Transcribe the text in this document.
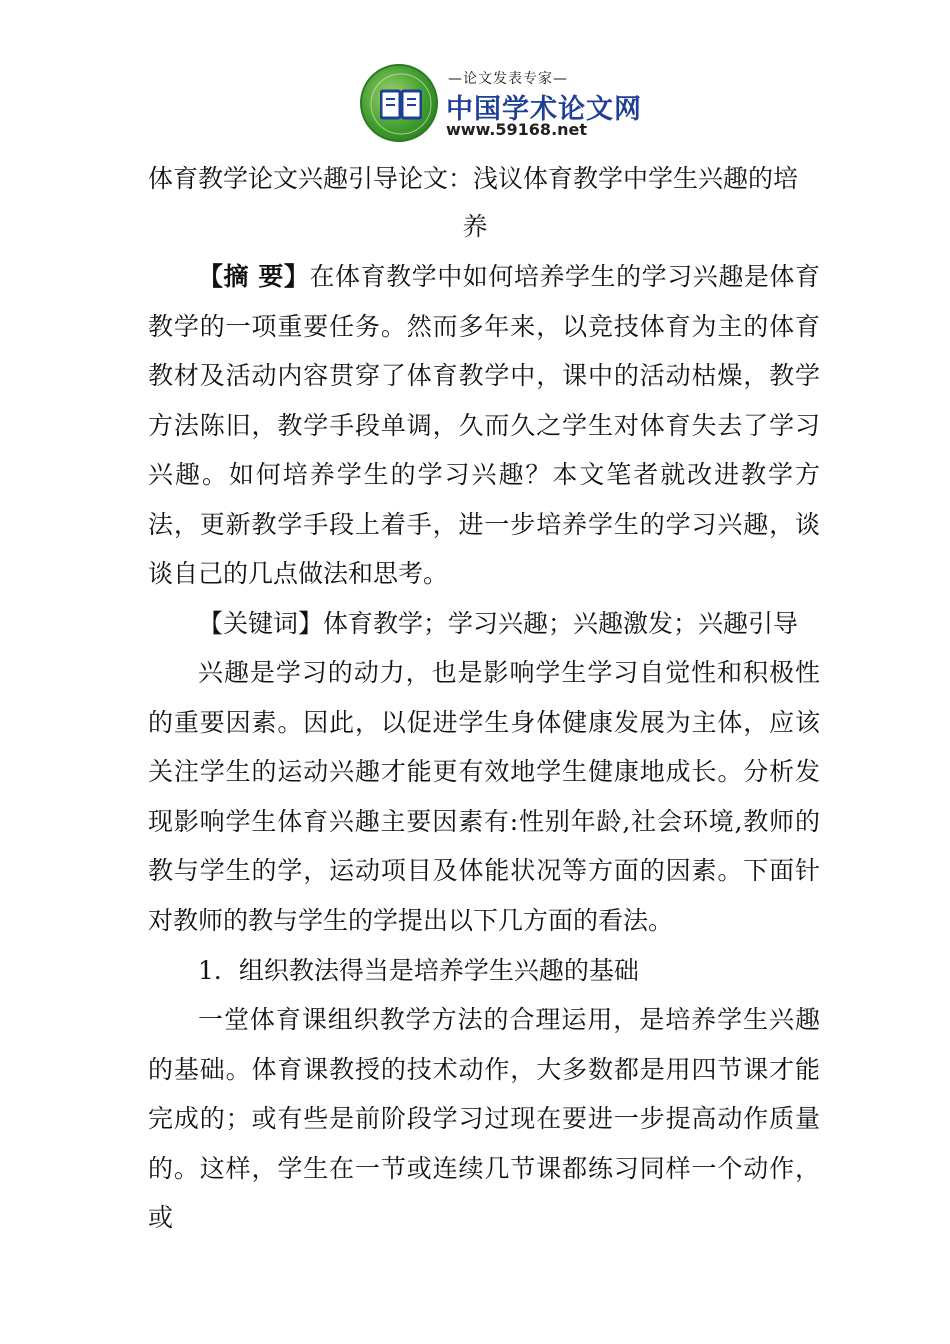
—论文发表专家—
中国学术论文网
www.59168.net
体育教学论文兴趣引导论文：浅议体育教学中学生兴趣的培
养

【摘 要】在体育教学中如何培养学生的学习兴趣是体育教学的一项重要任务。然而多年来，以竞技体育为主的体育教材及活动内容贯穿了体育教学中，课中的活动枯燥，教学方法陈旧，教学手段单调，久而久之学生对体育失去了学习兴趣。如何培养学生的学习兴趣？本文笔者就改进教学方法，更新教学手段上着手，进一步培养学生的学习兴趣，谈谈自己的几点做法和思考。

【关键词】体育教学；学习兴趣；兴趣激发；兴趣引导

兴趣是学习的动力，也是影响学生学习自觉性和积极性的重要因素。因此，以促进学生身体健康发展为主体，应该关注学生的运动兴趣才能更有效地学生健康地成长。分析发现影响学生体育兴趣主要因素有:性别年龄,社会环境,教师的教与学生的学，运动项目及体能状况等方面的因素。下面针对教师的教与学生的学提出以下几方面的看法。

1．组织教法得当是培养学生兴趣的基础

一堂体育课组织教学方法的合理运用，是培养学生兴趣的基础。体育课教授的技术动作，大多数都是用四节课才能完成的；或有些是前阶段学习过现在要进一步提高动作质量的。这样，学生在一节或连续几节课都练习同样一个动作，或
